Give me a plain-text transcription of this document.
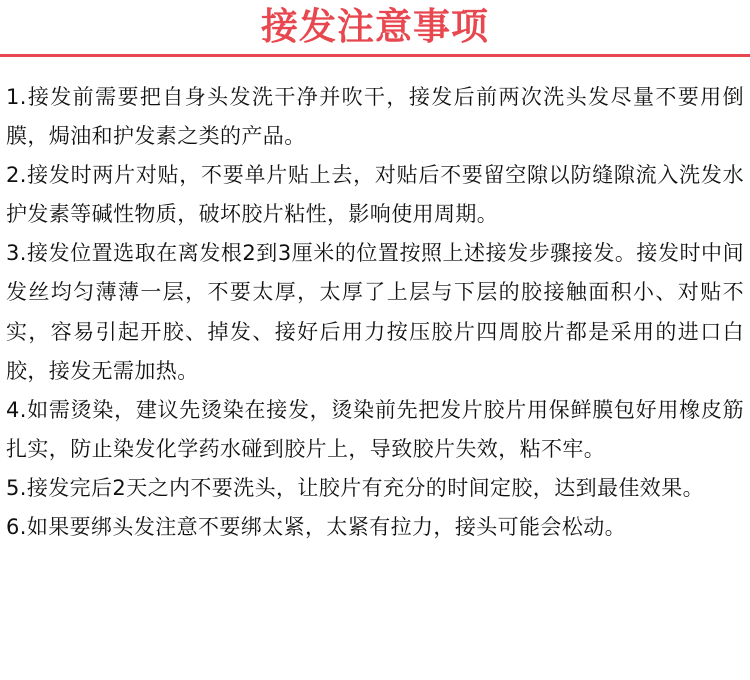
接发注意事项

1.接发前需要把自身头发洗干净并吹干，接发后前两次洗头发尽量不要用倒膜，焗油和护发素之类的产品。

2.接发时两片对贴，不要单片贴上去，对贴后不要留空隙以防缝隙流入洗发水护发素等碱性物质，破坏胶片粘性，影响使用周期。

3.接发位置选取在离发根2到3厘米的位置按照上述接发步骤接发。接发时中间发丝均匀薄薄一层，不要太厚，太厚了上层与下层的胶接触面积小、对贴不实，容易引起开胶、掉发、接好后用力按压胶片四周胶片都是采用的进口白胶，接发无需加热。

4.如需烫染，建议先烫染在接发，烫染前先把发片胶片用保鲜膜包好用橡皮筋扎实，防止染发化学药水碰到胶片上，导致胶片失效，粘不牢。

5.接发完后2天之内不要洗头，让胶片有充分的时间定胶，达到最佳效果。

6.如果要绑头发注意不要绑太紧，太紧有拉力，接头可能会松动。
